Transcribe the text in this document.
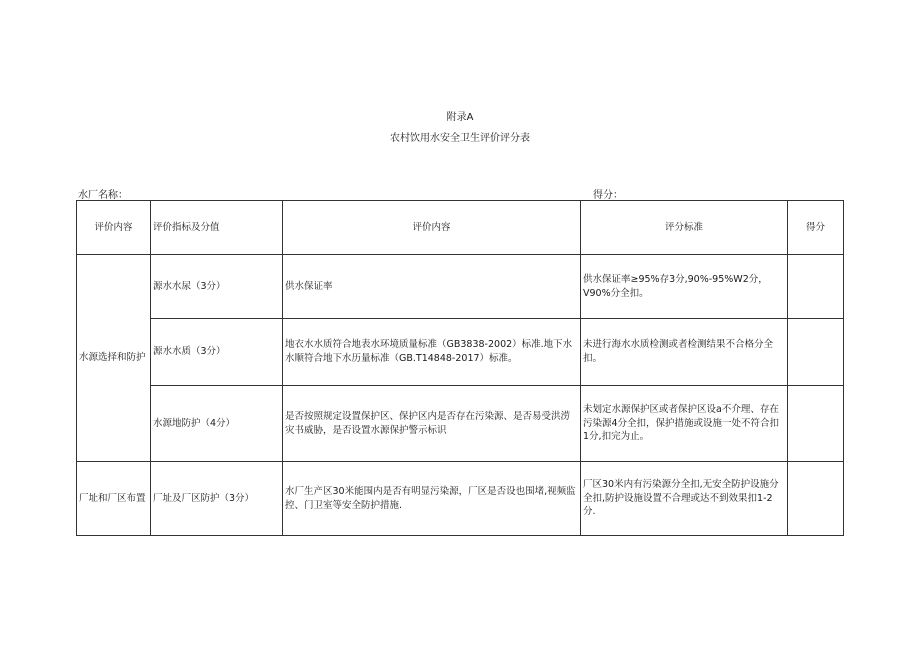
附录A
农村饮用水安全卫生评价评分表
水厂名称：	得分：
评价内容	评价指标及分值	评价内容	评分标准	得分
水源选择和防护	源水水尿（3分）	供水保证率	供水保证率≥95%存3分,90%-95%W2分，V90%分全扣。	
	源水水质（3分）	地衣水水质符合地表水环境质量标准（GB3838-2002）标准.地下水水顺符合地下水历量标准（GB.T14848-2017）标准。	未进行海水水质检测或者检测结果不合格分全扣。	
	水源地防护（4分）	是否按照规定设置保护区、保护区内是否存在污染源、是否易受洪涝灾书威胁，是否设置水源保护警示标识	未划定水源保护区或者保护区设a不介理、存在污染源4分全扣，保护措施或设施一处不符合扣1分,扣完为止。	
厂址和厂区布置	厂址及厂区防护（3分）	水厂生产区30米能围内是否有明显污染源，厂区是否设也围堵,视频监控、门卫室等安全防护措施.	厂区30米内有污染源分全扣,无安全防护设施分全扣,防护设施设置不合理或达不到效果扣1-2分.	
